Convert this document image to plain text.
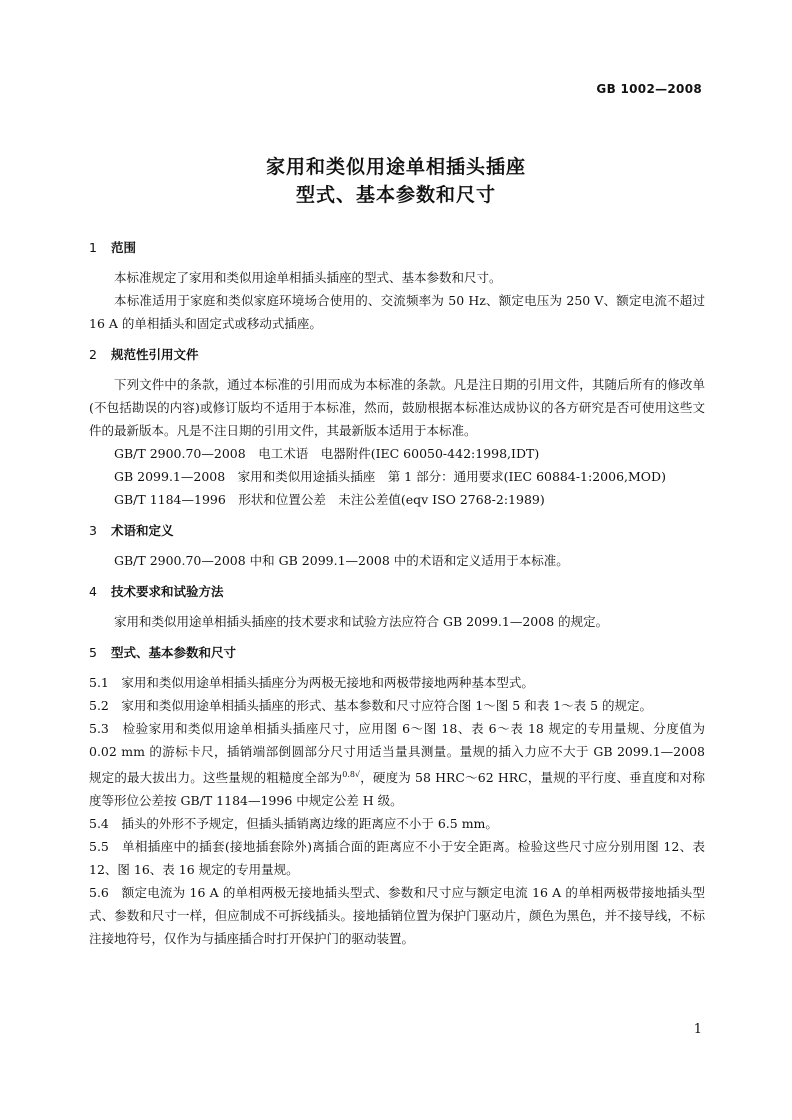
GB 1002—2008
家用和类似用途单相插头插座
型式、基本参数和尺寸
1 范围

本标准规定了家用和类似用途单相插头插座的型式、基本参数和尺寸。

本标准适用于家庭和类似家庭环境场合使用的、交流频率为 50 Hz、额定电压为 250 V、额定电流不超过 16 A 的单相插头和固定式或移动式插座。

2 规范性引用文件

下列文件中的条款，通过本标准的引用而成为本标准的条款。凡是注日期的引用文件，其随后所有的修改单(不包括勘误的内容)或修订版均不适用于本标准，然而，鼓励根据本标准达成协议的各方研究是否可使用这些文件的最新版本。凡是不注日期的引用文件，其最新版本适用于本标准。

GB/T 2900.70—2008　电工术语　电器附件(IEC 60050-442:1998,IDT)

GB 2099.1—2008　家用和类似用途插头插座　第 1 部分：通用要求(IEC 60884-1:2006,MOD)

GB/T 1184—1996　形状和位置公差　未注公差值(eqv ISO 2768-2:1989)

3 术语和定义

GB/T 2900.70—2008 中和 GB 2099.1—2008 中的术语和定义适用于本标准。

4 技术要求和试验方法

家用和类似用途单相插头插座的技术要求和试验方法应符合 GB 2099.1—2008 的规定。

5 型式、基本参数和尺寸

5.1　家用和类似用途单相插头插座分为两极无接地和两极带接地两种基本型式。

5.2　家用和类似用途单相插头插座的形式、基本参数和尺寸应符合图 1～图 5 和表 1～表 5 的规定。

5.3　检验家用和类似用途单相插头插座尺寸，应用图 6～图 18、表 6～表 18 规定的专用量规、分度值为 0.02 mm 的游标卡尺，插销端部倒圆部分尺寸用适当量具测量。量规的插入力应不大于 GB 2099.1—2008 规定的最大拔出力。这些量规的粗糙度全部为$^{0.8√}$，硬度为 58 HRC～62 HRC，量规的平行度、垂直度和对称度等形位公差按 GB/T 1184—1996 中规定公差 H 级。

5.4　插头的外形不予规定，但插头插销离边缘的距离应不小于 6.5 mm。

5.5　单相插座中的插套(接地插套除外)离插合面的距离应不小于安全距离。检验这些尺寸应分别用图 12、表 12、图 16、表 16 规定的专用量规。

5.6　额定电流为 16 A 的单相两极无接地插头型式、参数和尺寸应与额定电流 16 A 的单相两极带接地插头型式、参数和尺寸一样，但应制成不可拆线插头。接地插销位置为保护门驱动片，颜色为黑色，并不接导线，不标注接地符号，仅作为与插座插合时打开保护门的驱动装置。

1
